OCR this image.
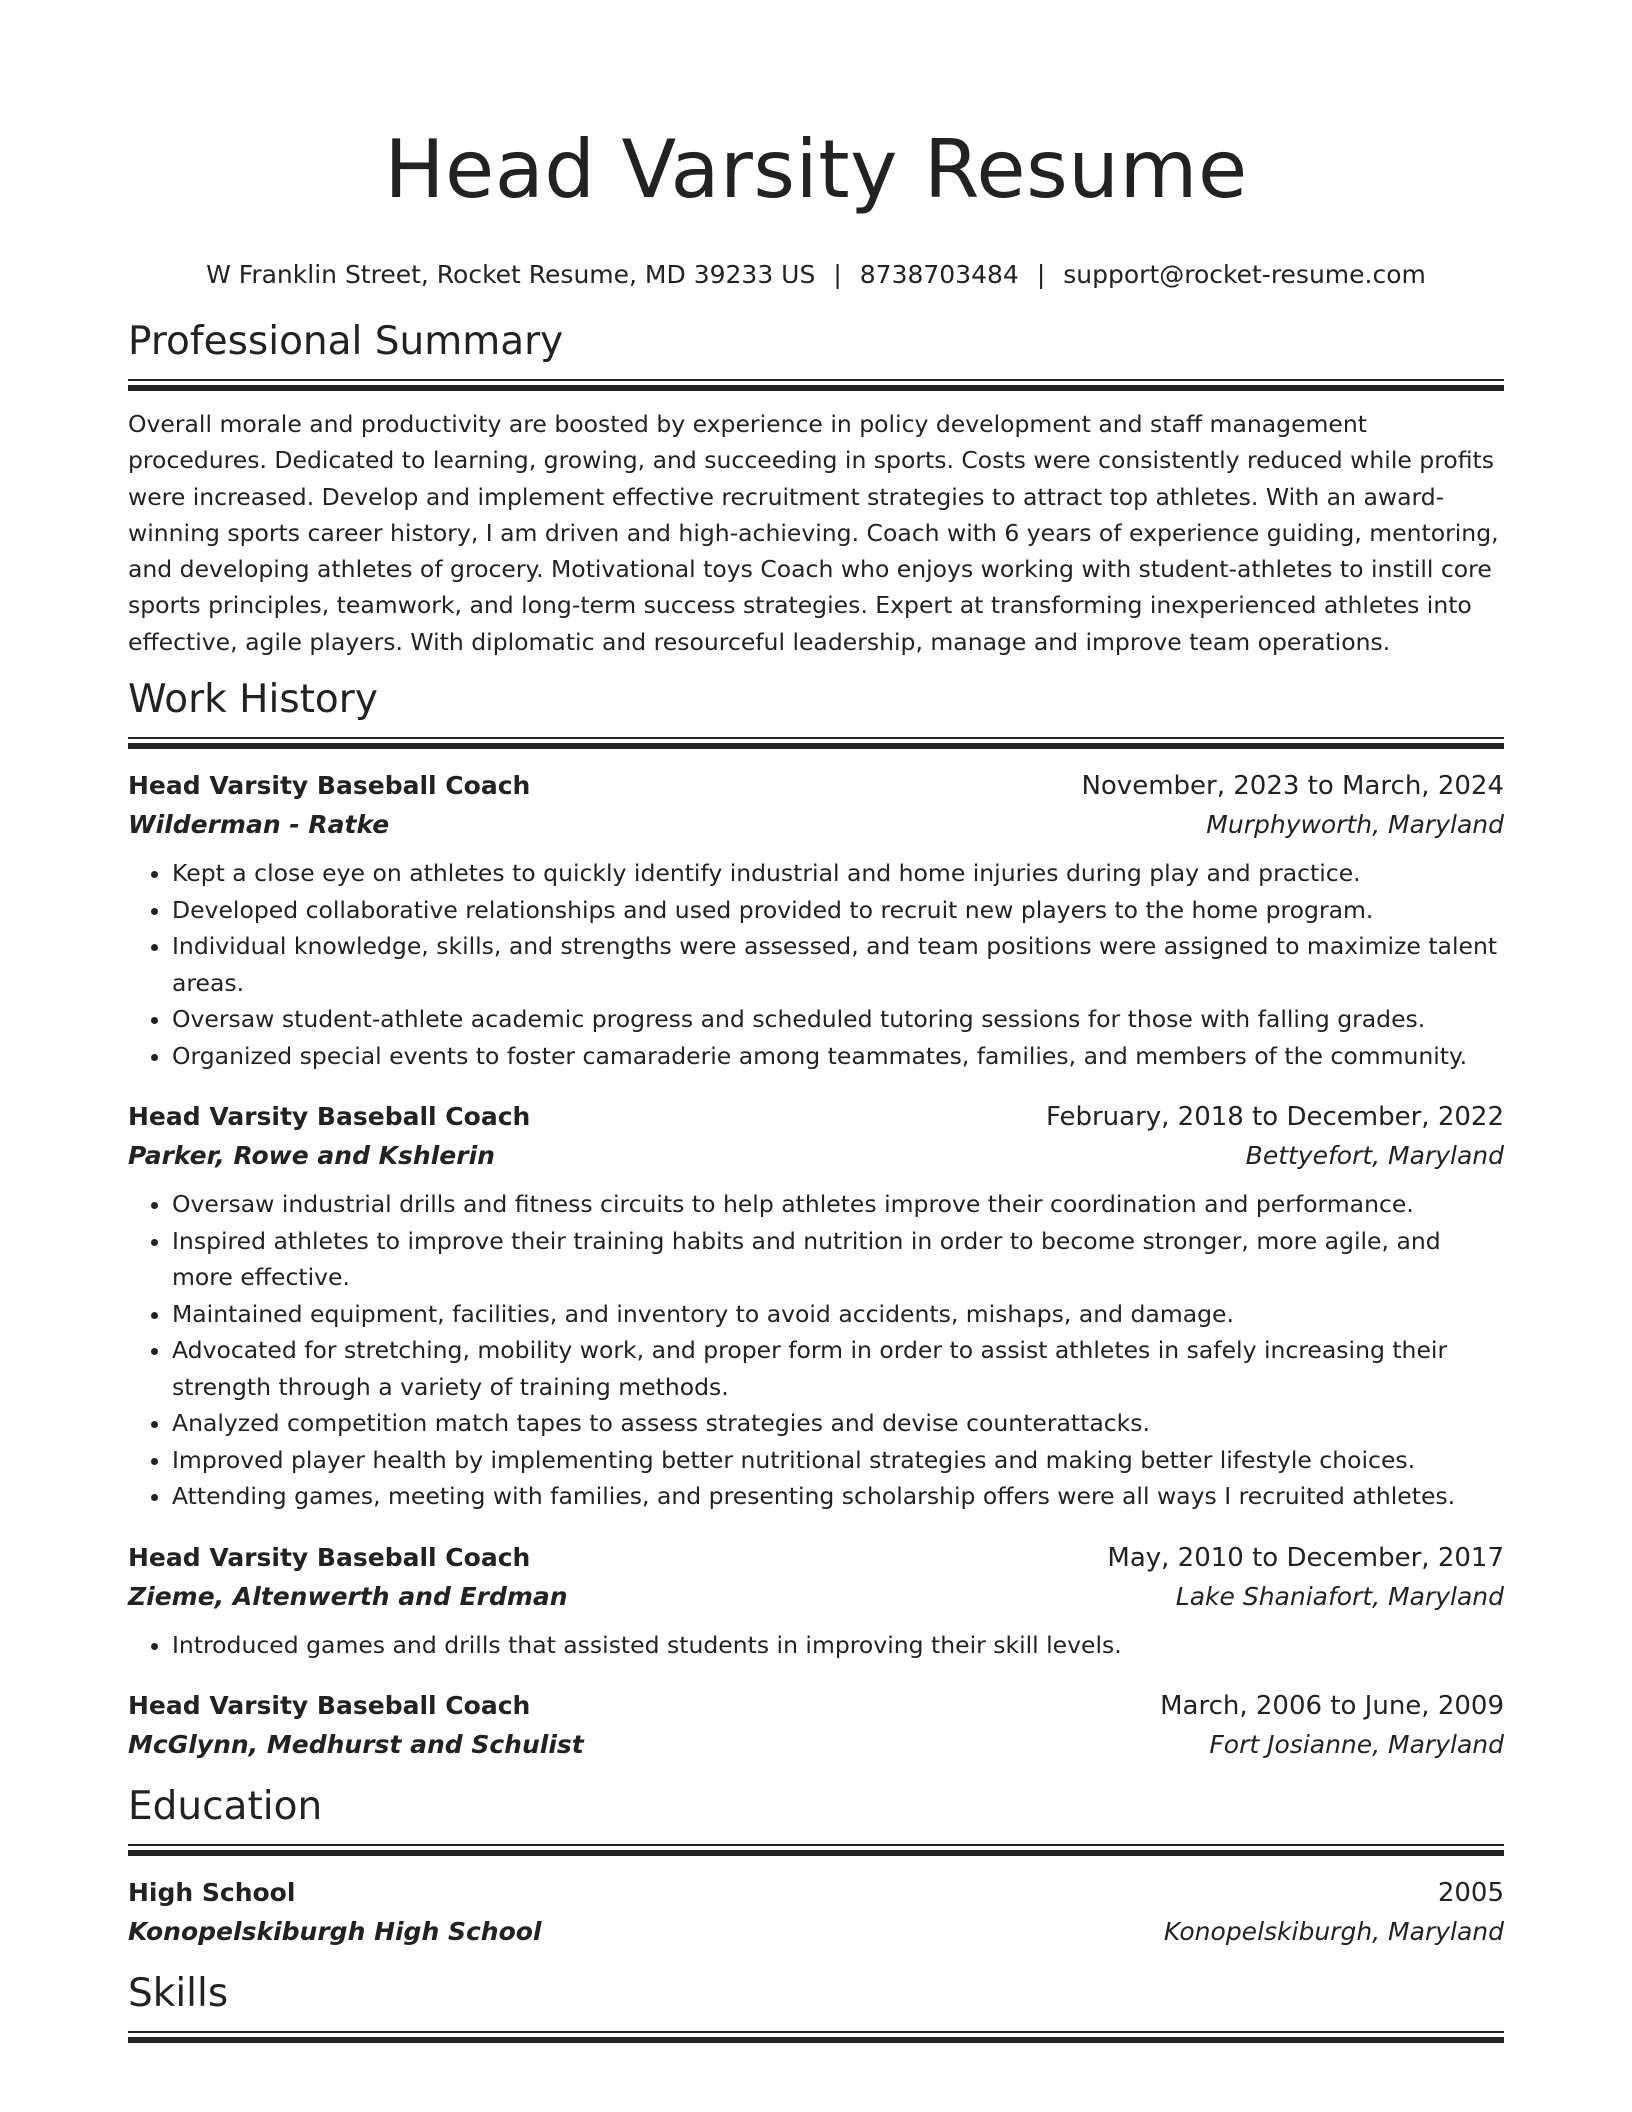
Head Varsity Resume
W Franklin Street, Rocket Resume, MD 39233 US | 8738703484 | support@rocket-resume.com
Professional Summary

Overall morale and productivity are boosted by experience in policy development and staff management procedures. Dedicated to learning, growing, and succeeding in sports. Costs were consistently reduced while profits were increased. Develop and implement effective recruitment strategies to attract top athletes. With an award-winning sports career history, I am driven and high-achieving. Coach with 6 years of experience guiding, mentoring, and developing athletes of grocery. Motivational toys Coach who enjoys working with student-athletes to instill core sports principles, teamwork, and long-term success strategies. Expert at transforming inexperienced athletes into effective, agile players. With diplomatic and resourceful leadership, manage and improve team operations.

Work History
Head Varsity Baseball Coach	November, 2023 to March, 2024
Wilderman - Ratke	Murphyworth, Maryland
• Kept a close eye on athletes to quickly identify industrial and home injuries during play and practice.
• Developed collaborative relationships and used provided to recruit new players to the home program.
• Individual knowledge, skills, and strengths were assessed, and team positions were assigned to maximize talent areas.
• Oversaw student-athlete academic progress and scheduled tutoring sessions for those with falling grades.
• Organized special events to foster camaraderie among teammates, families, and members of the community.
Head Varsity Baseball Coach	February, 2018 to December, 2022
Parker, Rowe and Kshlerin	Bettyefort, Maryland
• Oversaw industrial drills and fitness circuits to help athletes improve their coordination and performance.
• Inspired athletes to improve their training habits and nutrition in order to become stronger, more agile, and more effective.
• Maintained equipment, facilities, and inventory to avoid accidents, mishaps, and damage.
• Advocated for stretching, mobility work, and proper form in order to assist athletes in safely increasing their strength through a variety of training methods.
• Analyzed competition match tapes to assess strategies and devise counterattacks.
• Improved player health by implementing better nutritional strategies and making better lifestyle choices.
• Attending games, meeting with families, and presenting scholarship offers were all ways I recruited athletes.
Head Varsity Baseball Coach	May, 2010 to December, 2017
Zieme, Altenwerth and Erdman	Lake Shaniafort, Maryland
• Introduced games and drills that assisted students in improving their skill levels.
Head Varsity Baseball Coach	March, 2006 to June, 2009
McGlynn, Medhurst and Schulist	Fort Josianne, Maryland
Education
High School	2005
Konopelskiburgh High School	Konopelskiburgh, Maryland
Skills
